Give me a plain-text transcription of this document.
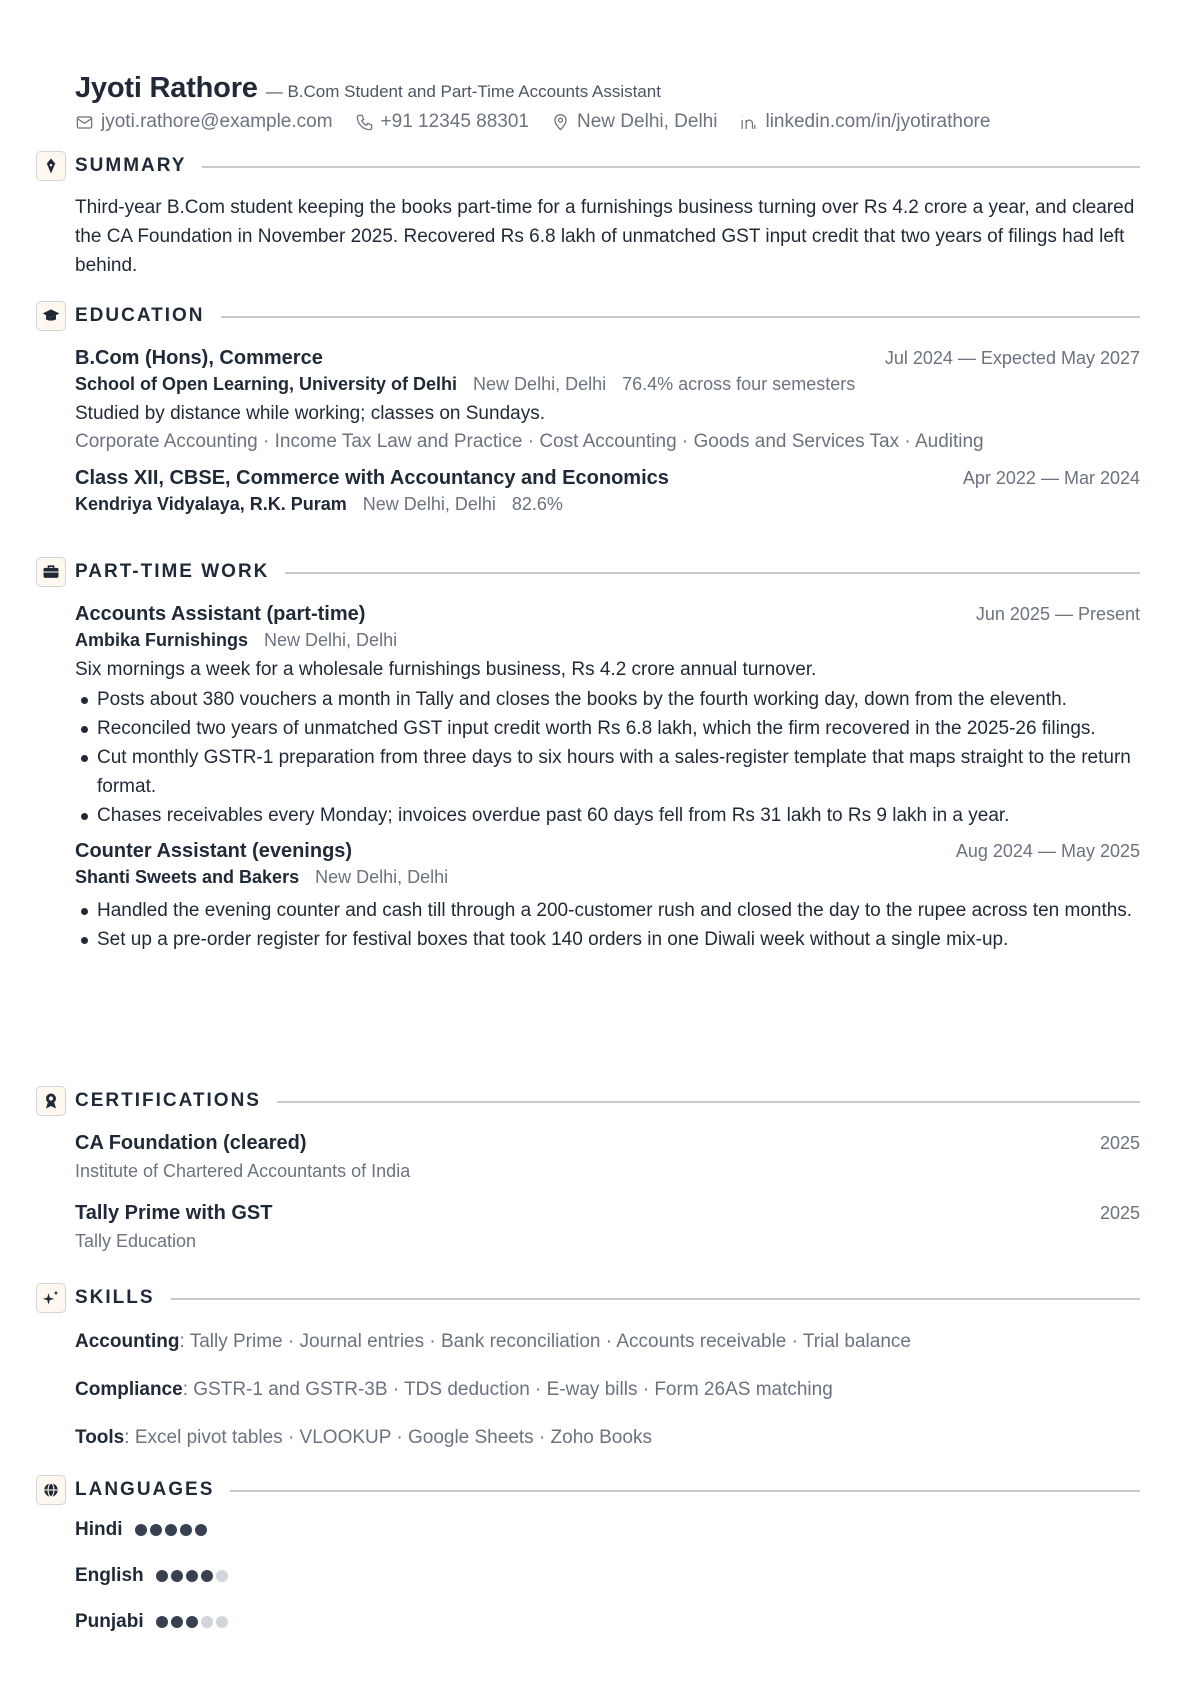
Jyoti Rathore — B.Com Student and Part-Time Accounts Assistant
jyoti.rathore@example.com	+91 12345 88301	New Delhi, Delhi	linkedin.com/in/jyotirathore
SUMMARY

Third-year B.Com student keeping the books part-time for a furnishings business turning over Rs 4.2 crore a year, and cleared the CA Foundation in November 2025. Recovered Rs 6.8 lakh of unmatched GST input credit that two years of filings had left behind.

EDUCATION
B.Com (Hons), Commerce	Jul 2024 — Expected May 2027
School of Open Learning, University of Delhi New Delhi, Delhi 76.4% across four semesters
Studied by distance while working; classes on Sundays.
Corporate Accounting · Income Tax Law and Practice · Cost Accounting · Goods and Services Tax · Auditing
Class XII, CBSE, Commerce with Accountancy and Economics	Apr 2022 — Mar 2024
Kendriya Vidyalaya, R.K. Puram New Delhi, Delhi 82.6%
PART-TIME WORK
Accounts Assistant (part-time)	Jun 2025 — Present
Ambika Furnishings New Delhi, Delhi
Six mornings a week for a wholesale furnishings business, Rs 4.2 crore annual turnover.
Posts about 380 vouchers a month in Tally and closes the books by the fourth working day, down from the eleventh.
Reconciled two years of unmatched GST input credit worth Rs 6.8 lakh, which the firm recovered in the 2025-26 filings.
Cut monthly GSTR-1 preparation from three days to six hours with a sales-register template that maps straight to the return format.
Chases receivables every Monday; invoices overdue past 60 days fell from Rs 31 lakh to Rs 9 lakh in a year.
Counter Assistant (evenings)	Aug 2024 — May 2025
Shanti Sweets and Bakers New Delhi, Delhi
Handled the evening counter and cash till through a 200-customer rush and closed the day to the rupee across ten months.
Set up a pre-order register for festival boxes that took 140 orders in one Diwali week without a single mix-up.
CERTIFICATIONS
CA Foundation (cleared)	2025
Institute of Chartered Accountants of India
Tally Prime with GST	2025
Tally Education
SKILLS
Accounting: Tally Prime · Journal entries · Bank reconciliation · Accounts receivable · Trial balance
Compliance: GSTR-1 and GSTR-3B · TDS deduction · E-way bills · Form 26AS matching
Tools: Excel pivot tables · VLOOKUP · Google Sheets · Zoho Books
LANGUAGES
Hindi
English
Punjabi
